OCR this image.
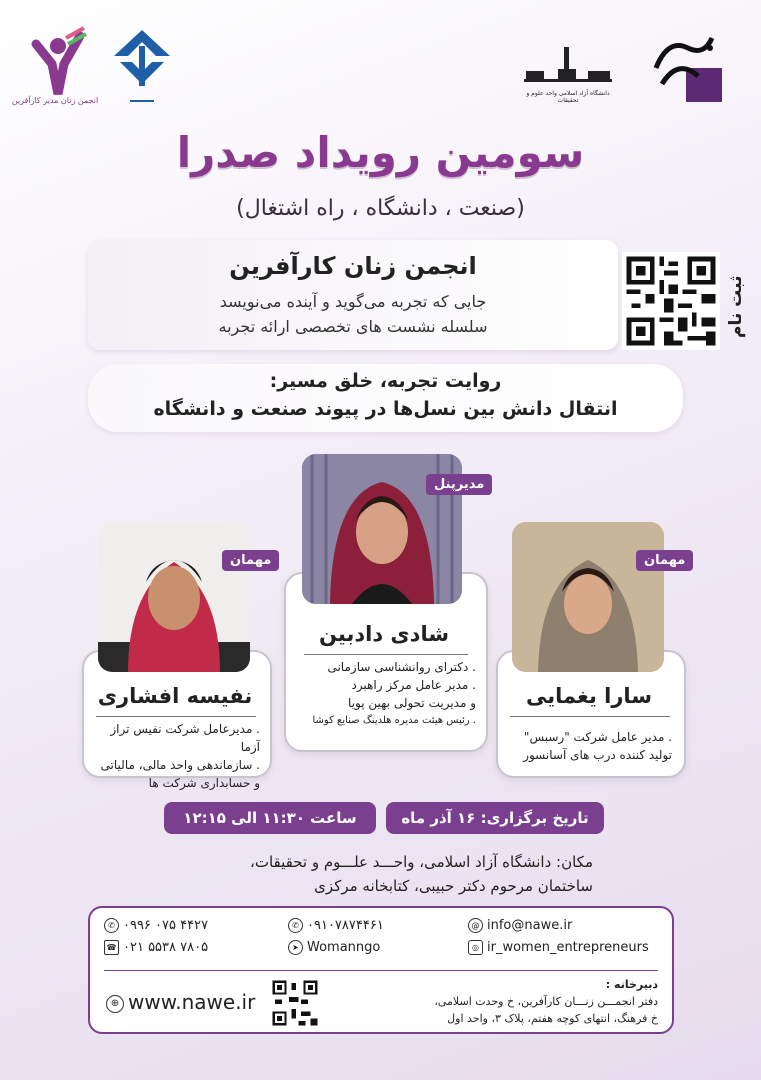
انجمن زنان مدیر کارآفرین
دانشگاه آزاد اسلامی واحد علوم و تحقیقات
سومین رویداد صدرا
(صنعت ، دانشگاه ، راه اشتغال)
انجمن زنان کارآفرین
جایی که تجربه می‌گوید و آینده می‌نویسد
سلسله نشست های تخصصی ارائه تجربه	ثبت نام
روایت تجربه، خلق مسیر:
انتقال دانش بین نسل‌ها در پیوند صنعت و دانشگاه
مهمان
نفیسه افشاری
. مدیرعامل شرکت نفیس تراز آزما
. سازماندهی واحد مالی، مالیاتی
و حسابداری شرکت ها
مدیرپنل
شادی دادبین
. دکترای روانشناسی سازمانی
. مدیر عامل مرکز راهبرد
و مدیریت تحولی بهین پویا
. رئیس هیئت مدیره هلدینگ صنایع کوشا
مهمان
سارا یغمایی
. مدیر عامل شرکت "رسبس"
تولید کننده درب های آسانسور
تاریخ برگزاری: ۱۶ آذر ماه
ساعت ۱۱:۳۰ الی ۱۲:۱۵
مکان: دانشگاه آزاد اسلامی، واحـــد علـــوم و تحقیقات،
ساختمان مرحوم دکتر حبیبی، کتابخانه مرکزی
✆ ۰۹۹۶ ۰۷۵ ۴۴۲۷
☎ ۰۲۱ ۵۵۳۸ ۷۸۰۵
✆ ۰۹۱۰۷۸۷۴۴۶۱
➤ Womanngo
@ info@nawe.ir
◎ ir_women_entrepreneurs
⊕ www.nawe.ir
دبیرخانه :
دفتر انجمـــن زنـــان کارآفرین، خ وحدت اسلامی،
خ فرهنگ، انتهای کوچه هفتم، پلاک ۳، واحد اول
